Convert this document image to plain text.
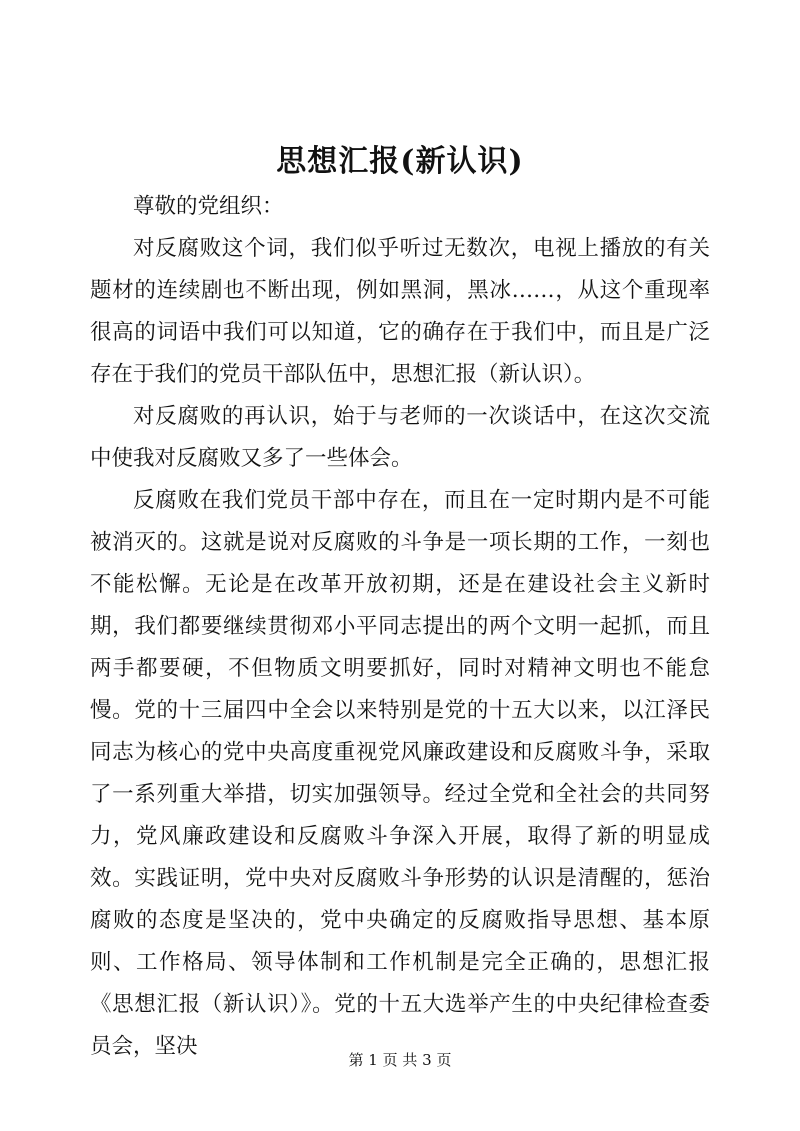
思想汇报(新认识)

尊敬的党组织：

对反腐败这个词，我们似乎听过无数次，电视上播放的有关题材的连续剧也不断出现，例如黑洞，黑冰……，从这个重现率很高的词语中我们可以知道，它的确存在于我们中，而且是广泛存在于我们的党员干部队伍中，思想汇报（新认识）。

对反腐败的再认识，始于与老师的一次谈话中，在这次交流中使我对反腐败又多了一些体会。

反腐败在我们党员干部中存在，而且在一定时期内是不可能被消灭的。这就是说对反腐败的斗争是一项长期的工作，一刻也不能松懈。无论是在改革开放初期，还是在建设社会主义新时期，我们都要继续贯彻邓小平同志提出的两个文明一起抓，而且两手都要硬，不但物质文明要抓好，同时对精神文明也不能怠慢。党的十三届四中全会以来特别是党的十五大以来，以江泽民同志为核心的党中央高度重视党风廉政建设和反腐败斗争，采取了一系列重大举措，切实加强领导。经过全党和全社会的共同努力，党风廉政建设和反腐败斗争深入开展，取得了新的明显成效。实践证明，党中央对反腐败斗争形势的认识是清醒的，惩治腐败的态度是坚决的，党中央确定的反腐败指导思想、基本原则、工作格局、领导体制和工作机制是完全正确的，思想汇报《思想汇报（新认识）》。党的十五大选举产生的中央纪律检查委员会，坚决

第 1 页 共 3 页
